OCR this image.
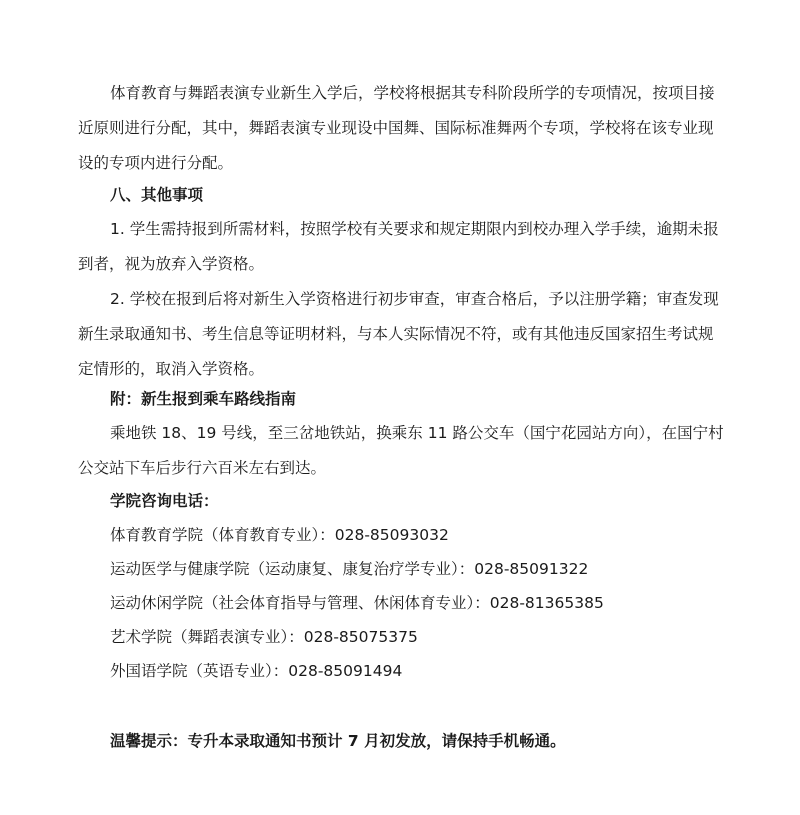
体育教育与舞蹈表演专业新生入学后，学校将根据其专科阶段所学的专项情况，按项目接近原则进行分配，其中，舞蹈表演专业现设中国舞、国际标准舞两个专项，学校将在该专业现设的专项内进行分配。

八、其他事项

1. 学生需持报到所需材料，按照学校有关要求和规定期限内到校办理入学手续，逾期未报到者，视为放弃入学资格。

2. 学校在报到后将对新生入学资格进行初步审查，审查合格后，予以注册学籍；审查发现新生录取通知书、考生信息等证明材料，与本人实际情况不符，或有其他违反国家招生考试规定情形的，取消入学资格。

附：新生报到乘车路线指南

乘地铁 18、19 号线，至三岔地铁站，换乘东 11 路公交车（国宁花园站方向），在国宁村公交站下车后步行六百米左右到达。

学院咨询电话：

体育教育学院（体育教育专业）：028-85093032

运动医学与健康学院（运动康复、康复治疗学专业）：028-85091322

运动休闲学院（社会体育指导与管理、休闲体育专业）：028-81365385

艺术学院（舞蹈表演专业）：028-85075375

外国语学院（英语专业）：028-85091494

温馨提示：专升本录取通知书预计 7 月初发放，请保持手机畅通。
